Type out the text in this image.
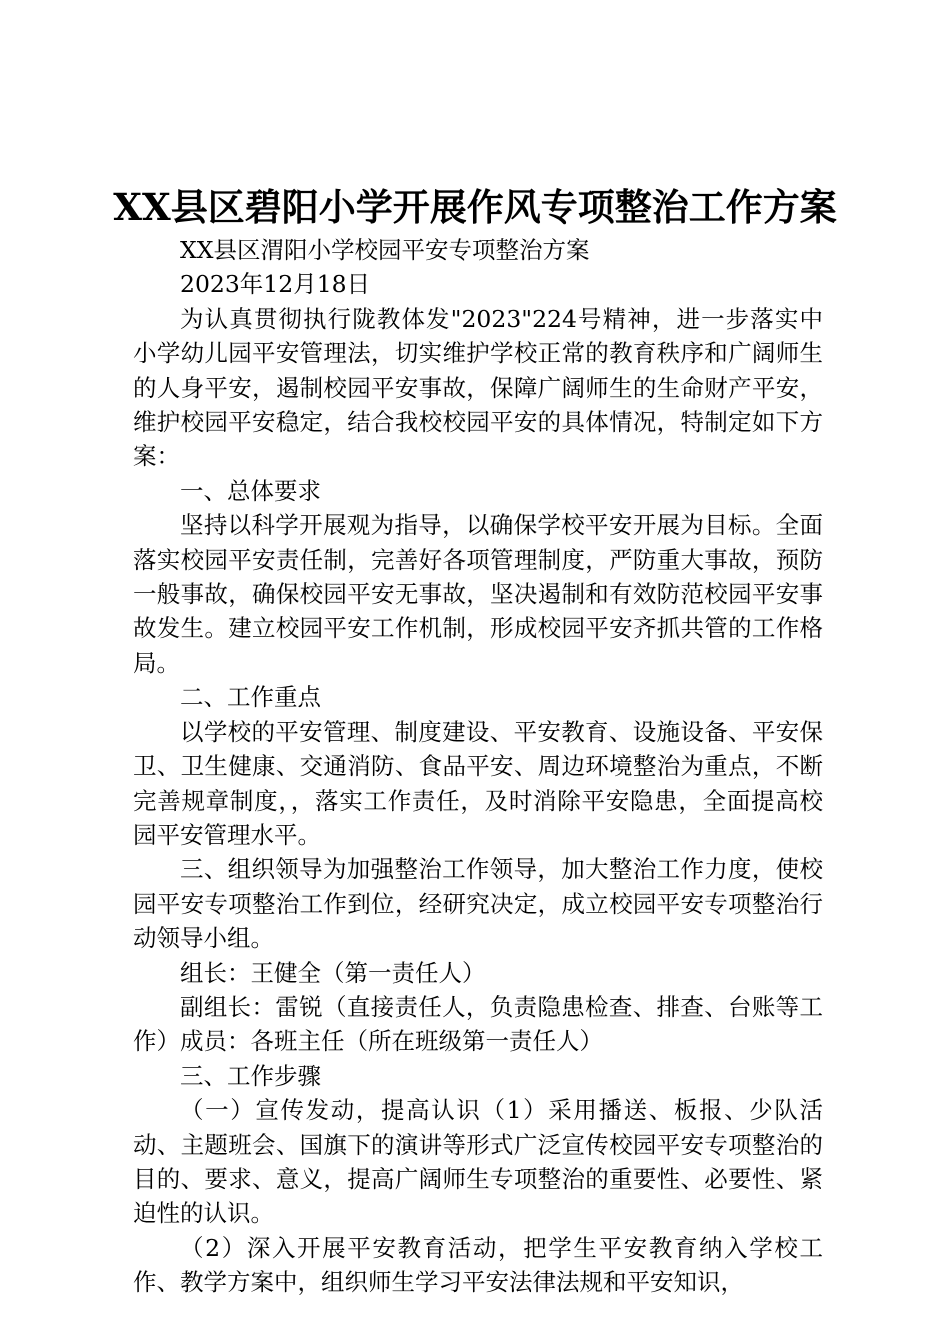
XX县区碧阳小学开展作风专项整治工作方案

XX县区渭阳小学校园平安专项整治方案

2023年12月18日

为认真贯彻执行陇教体发"2023"224号精神，进一步落实中小学幼儿园平安管理法，切实维护学校正常的教育秩序和广阔师生的人身平安，遏制校园平安事故，保障广阔师生的生命财产平安，维护校园平安稳定，结合我校校园平安的具体情况，特制定如下方案：

一、总体要求

坚持以科学开展观为指导，以确保学校平安开展为目标。全面落实校园平安责任制，完善好各项管理制度，严防重大事故，预防一般事故，确保校园平安无事故，坚决遏制和有效防范校园平安事故发生。建立校园平安工作机制，形成校园平安齐抓共管的工作格局。

二、工作重点

以学校的平安管理、制度建设、平安教育、设施设备、平安保卫、卫生健康、交通消防、食品平安、周边环境整治为重点，不断完善规章制度，，落实工作责任，及时消除平安隐患，全面提高校园平安管理水平。

三、组织领导为加强整治工作领导，加大整治工作力度，使校园平安专项整治工作到位，经研究决定，成立校园平安专项整治行动领导小组。

组长：王健全（第一责任人）

副组长：雷锐（直接责任人，负责隐患检查、排查、台账等工作）成员：各班主任（所在班级第一责任人）

三、工作步骤

（一）宣传发动，提高认识（1）采用播送、板报、少队活动、主题班会、国旗下的演讲等形式广泛宣传校园平安专项整治的目的、要求、意义，提高广阔师生专项整治的重要性、必要性、紧迫性的认识。

（2）深入开展平安教育活动，把学生平安教育纳入学校工作、教学方案中，组织师生学习平安法律法规和平安知识，
